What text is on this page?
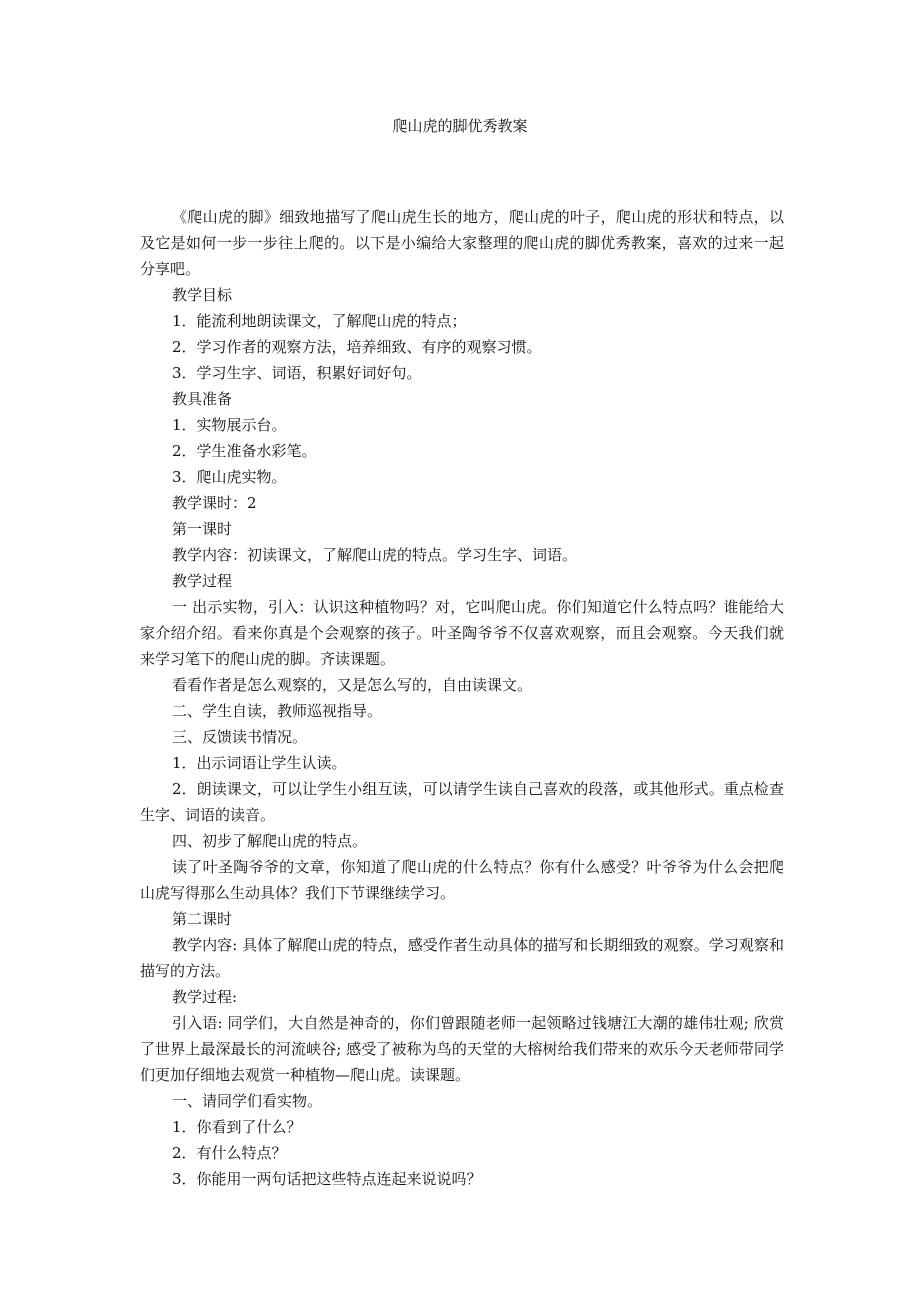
爬山虎的脚优秀教案

《爬山虎的脚》细致地描写了爬山虎生长的地方，爬山虎的叶子，爬山虎的形状和特点，以及它是如何一步一步往上爬的。以下是小编给大家整理的爬山虎的脚优秀教案，喜欢的过来一起分享吧。

教学目标

1．能流利地朗读课文，了解爬山虎的特点；

2．学习作者的观察方法，培养细致、有序的观察习惯。

3．学习生字、词语，积累好词好句。

教具准备

1．实物展示台。

2．学生准备水彩笔。

3．爬山虎实物。

教学课时：2

第一课时

教学内容：初读课文，了解爬山虎的特点。学习生字、词语。

教学过程

一 出示实物，引入：认识这种植物吗？对，它叫爬山虎。你们知道它什么特点吗？谁能给大家介绍介绍。看来你真是个会观察的孩子。叶圣陶爷爷不仅喜欢观察，而且会观察。今天我们就来学习笔下的爬山虎的脚。齐读课题。

看看作者是怎么观察的，又是怎么写的，自由读课文。

二、学生自读，教师巡视指导。

三、反馈读书情况。

1．出示词语让学生认读。

2．朗读课文，可以让学生小组互读，可以请学生读自己喜欢的段落，或其他形式。重点检查生字、词语的读音。

四、初步了解爬山虎的特点。

读了叶圣陶爷爷的文章，你知道了爬山虎的什么特点？你有什么感受？叶爷爷为什么会把爬山虎写得那么生动具体？我们下节课继续学习。

第二课时

教学内容: 具体了解爬山虎的特点，感受作者生动具体的描写和长期细致的观察。学习观察和描写的方法。

教学过程:

引入语: 同学们，大自然是神奇的，你们曾跟随老师一起领略过钱塘江大潮的雄伟壮观; 欣赏了世界上最深最长的河流峡谷; 感受了被称为鸟的天堂的大榕树给我们带来的欢乐今天老师带同学们更加仔细地去观赏一种植物—爬山虎。读课题。

一、请同学们看实物。

1．你看到了什么？

2．有什么特点？

3．你能用一两句话把这些特点连起来说说吗？
